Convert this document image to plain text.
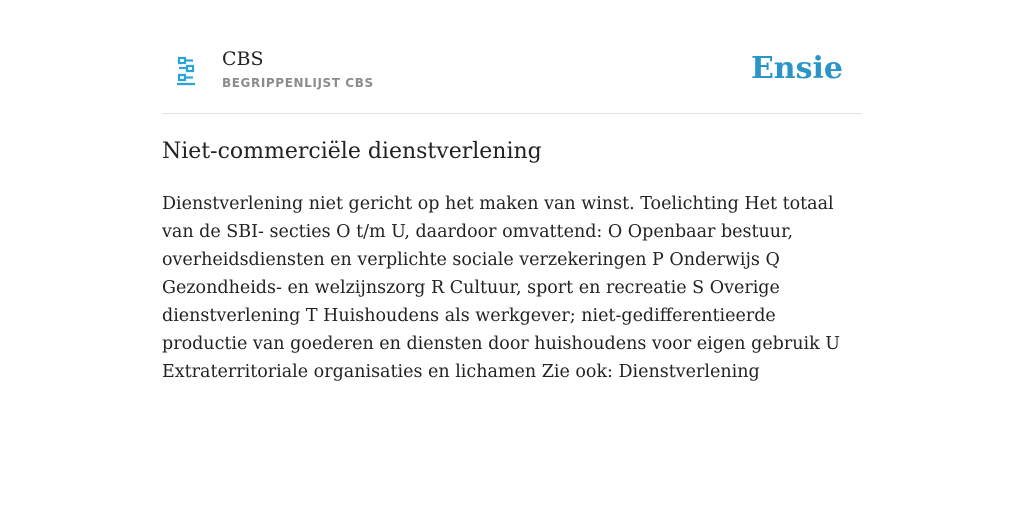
CBS
BEGRIPPENLIJST CBS	Ensie
Niet-commerciële dienstverlening

Dienstverlening niet gericht op het maken van winst. Toelichting Het totaal van de SBI- secties O t/m U, daardoor omvattend: O Openbaar bestuur, overheidsdiensten en verplichte sociale verzekeringen P Onderwijs Q Gezondheids- en welzijnszorg R Cultuur, sport en recreatie S Overige dienstverlening T Huishoudens als werkgever; niet-gedifferentieerde productie van goederen en diensten door huishoudens voor eigen gebruik U Extraterritoriale organisaties en lichamen Zie ook: Dienstverlening
